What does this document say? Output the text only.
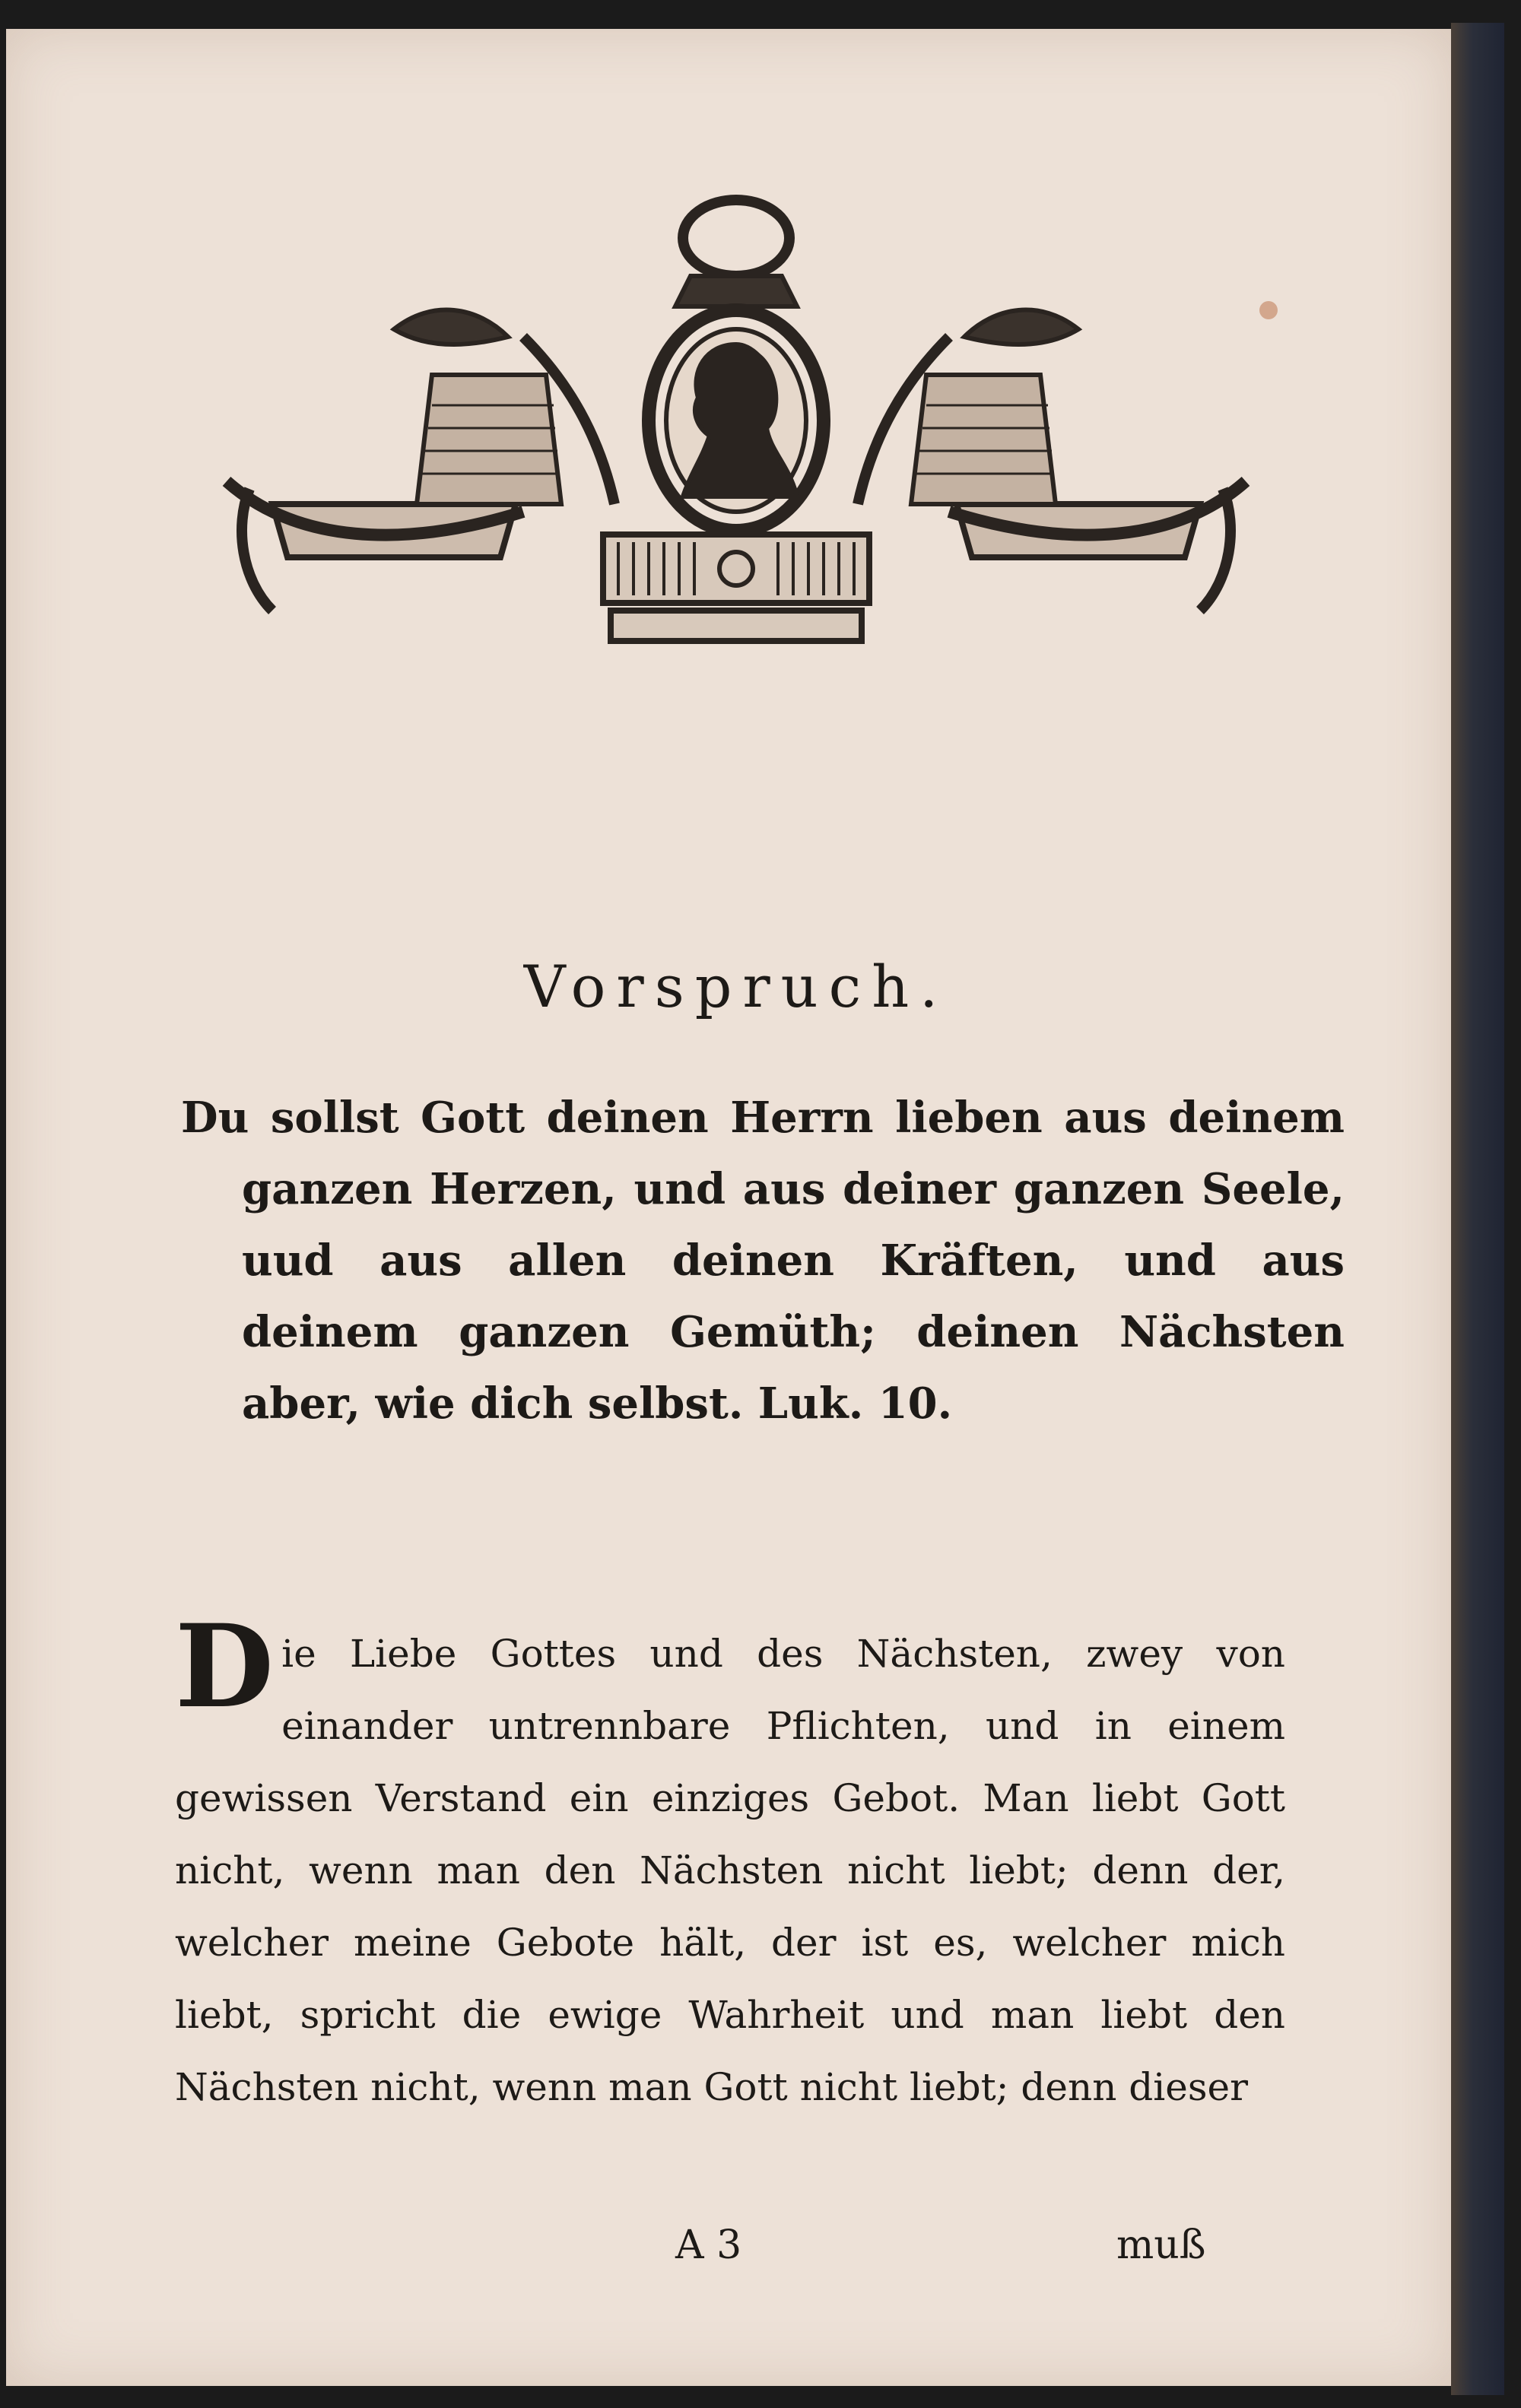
Vorspruch.
Du sollst Gott deinen Herrn lieben aus deinem ganzen Herzen, und aus deiner ganzen Seele, uud aus allen deinen Kräften, und aus deinem ganzen Gemüth; deinen Nächsten aber, wie dich selbst. Luk. 10.
D ie Liebe Gottes und des Nächsten, zwey von einander untrennbare Pflichten, und in einem gewissen Verstand ein einziges Gebot. Man liebt Gott nicht, wenn man den Nächsten nicht liebt; denn der, welcher meine Gebote hält, der ist es, welcher mich liebt, spricht die ewige Wahrheit und man liebt den Nächsten nicht, wenn man Gott nicht liebt; denn dieser
A 3	muß
